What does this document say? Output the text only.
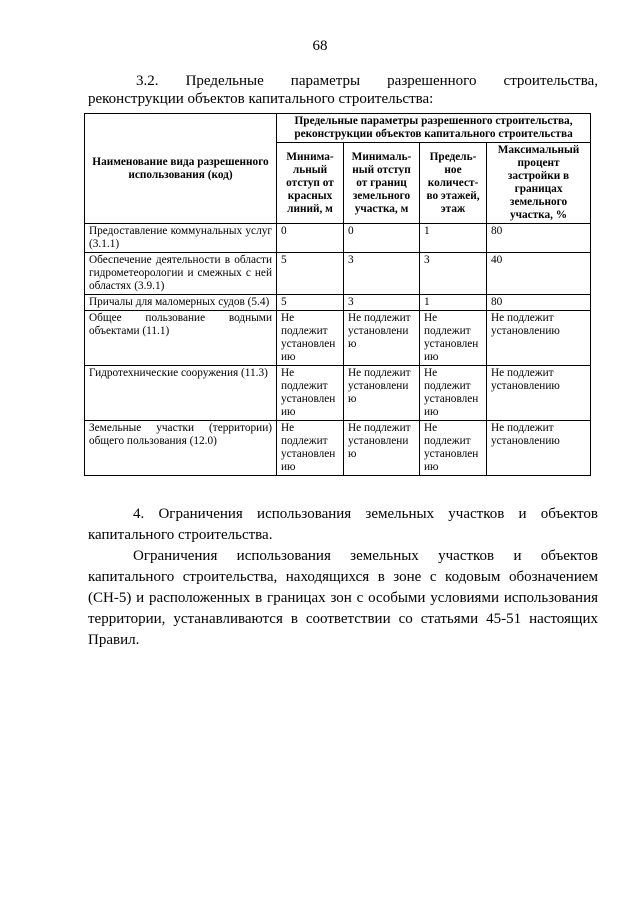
68
3.2. Предельные параметры разрешенного строительства,
реконструкции объектов капитального строительства:
Наименование вида разрешенного использования (код)	Предельные параметры разрешенного строительства, реконструкции объектов капитального строительства			
	Минима-льный отступ от красных линий, м	Минималь-ный отступ от границ земельного участка, м	Предель-ное количест-во этажей, этаж	Максимальный процент застройки в границах земельного участка, %
Предоставление коммунальных услуг (3.1.1)	0	0	1	80
Обеспечение деятельности в области гидрометеорологии и смежных с ней областях (3.9.1)	5	3	3	40
Причалы для маломерных судов (5.4)	5	3	1	80
Общее пользование водными объектами (11.1)	Не подлежит установлен ию	Не подлежит установлени ю	Не подлежит установлен ию	Не подлежит установлению
Гидротехнические сооружения (11.3)	Не подлежит установлен ию	Не подлежит установлени ю	Не подлежит установлен ию	Не подлежит установлению
Земельные участки (территории) общего пользования (12.0)	Не подлежит установлен ию	Не подлежит установлени ю	Не подлежит установлен ию	Не подлежит установлению

4. Ограничения использования земельных участков и объектов капитального строительства.

Ограничения использования земельных участков и объектов капитального строительства, находящихся в зоне с кодовым обозначением (СН-5) и расположенных в границах зон с особыми условиями использования территории, устанавливаются в соответствии со статьями 45-51 настоящих Правил.
